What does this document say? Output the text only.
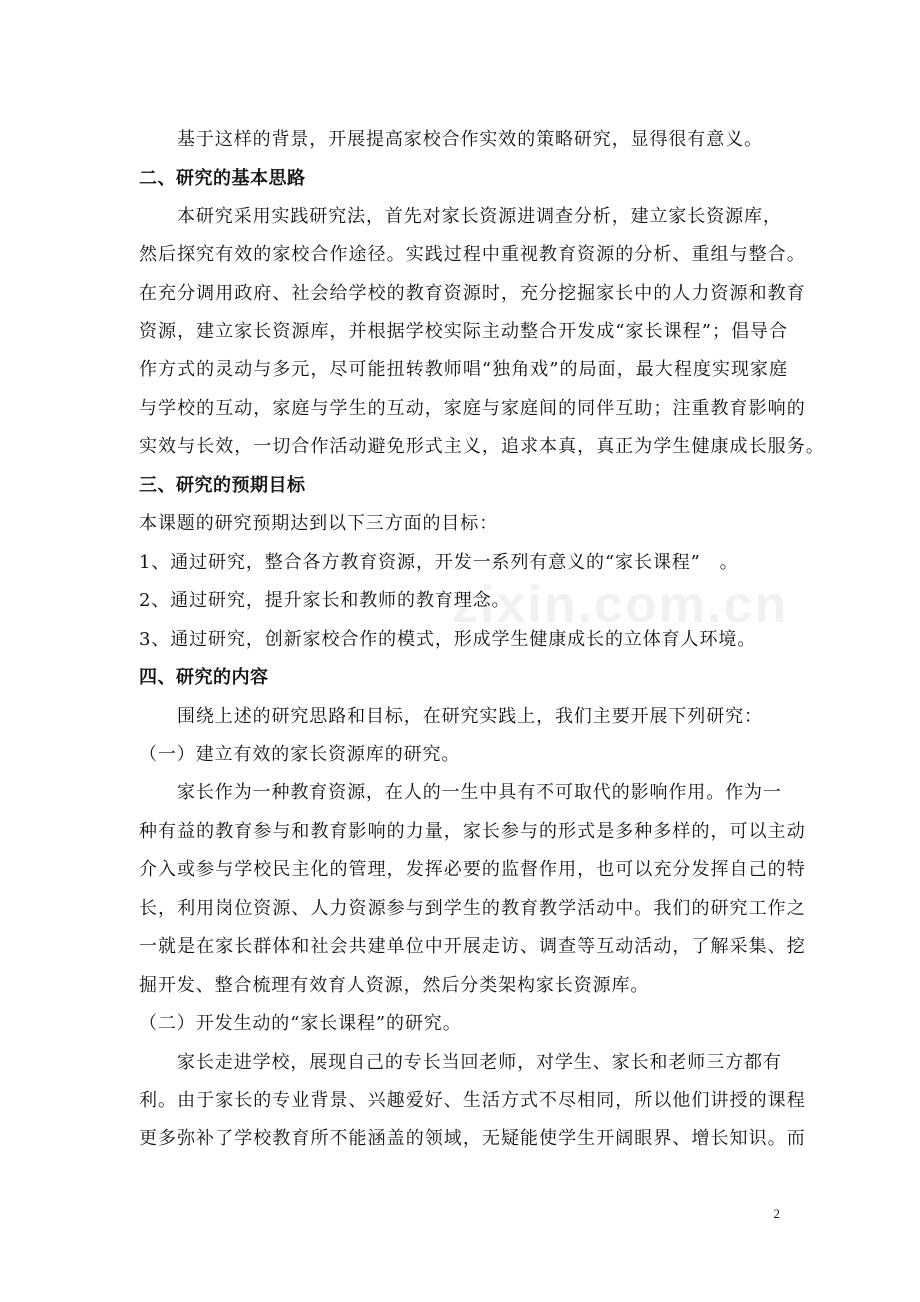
基于这样的背景，开展提高家校合作实效的策略研究，显得很有意义。
二、研究的基本思路
本研究采用实践研究法，首先对家长资源进调查分析，建立家长资源库，
然后探究有效的家校合作途径。实践过程中重视教育资源的分析、重组与整合。
在充分调用政府、社会给学校的教育资源时，充分挖掘家长中的人力资源和教育
资源，建立家长资源库，并根据学校实际主动整合开发成“家长课程”；倡导合
作方式的灵动与多元，尽可能扭转教师唱“独角戏”的局面，最大程度实现家庭
与学校的互动，家庭与学生的互动，家庭与家庭间的同伴互助；注重教育影响的
实效与长效，一切合作活动避免形式主义，追求本真，真正为学生健康成长服务。
三、研究的预期目标
本课题的研究预期达到以下三方面的目标：
1、通过研究，整合各方教育资源，开发一系列有意义的“家长课程”　。
2、通过研究，提升家长和教师的教育理念。
3、通过研究，创新家校合作的模式，形成学生健康成长的立体育人环境。
四、研究的内容
围绕上述的研究思路和目标，在研究实践上，我们主要开展下列研究：
（一）建立有效的家长资源库的研究。
家长作为一种教育资源，在人的一生中具有不可取代的影响作用。作为一
种有益的教育参与和教育影响的力量，家长参与的形式是多种多样的，可以主动
介入或参与学校民主化的管理，发挥必要的监督作用，也可以充分发挥自己的特
长，利用岗位资源、人力资源参与到学生的教育教学活动中。我们的研究工作之
一就是在家长群体和社会共建单位中开展走访、调查等互动活动，了解采集、挖
掘开发、整合梳理有效育人资源，然后分类架构家长资源库。
（二）开发生动的“家长课程”的研究。
家长走进学校，展现自己的专长当回老师，对学生、家长和老师三方都有
利。由于家长的专业背景、兴趣爱好、生活方式不尽相同，所以他们讲授的课程
更多弥补了学校教育所不能涵盖的领域，无疑能使学生开阔眼界、增长知识。而
zixin.com.cn
2
